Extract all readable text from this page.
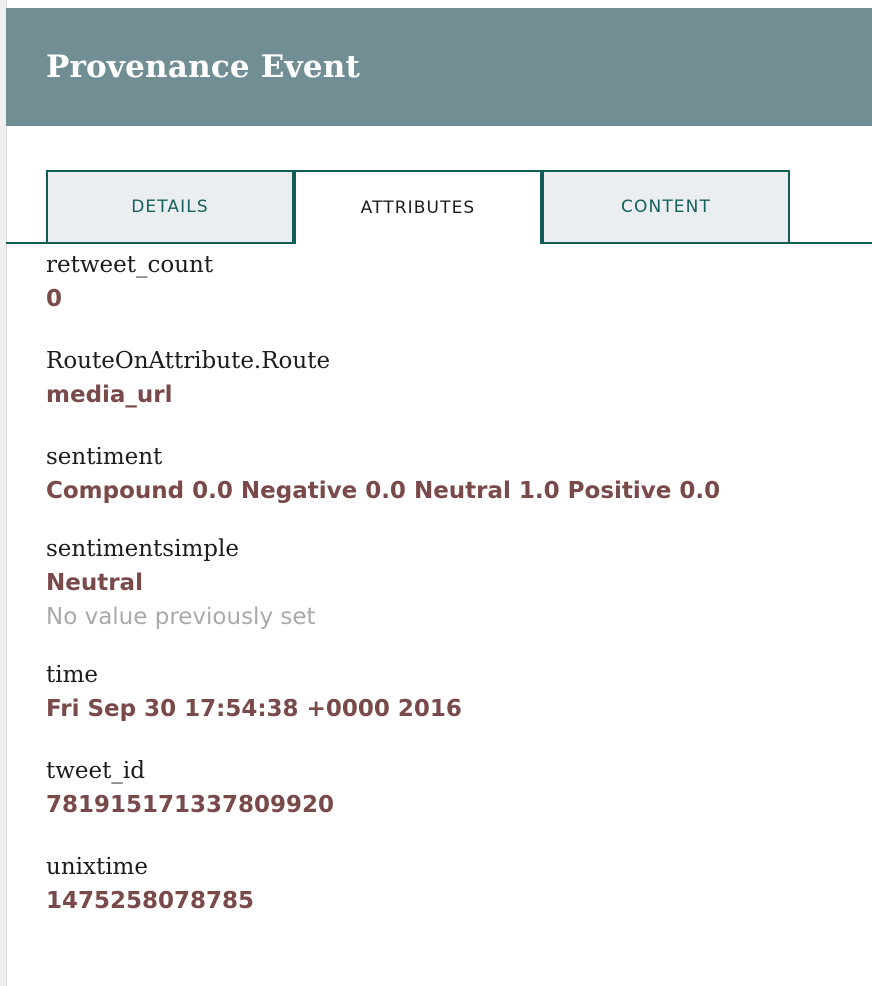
Provenance Event
DETAILS	ATTRIBUTES	CONTENT
retweet_count
0
RouteOnAttribute.Route
media_url
sentiment
Compound 0.0 Negative 0.0 Neutral 1.0 Positive 0.0
sentimentsimple
Neutral
No value previously set
time
Fri Sep 30 17:54:38 +0000 2016
tweet_id
781915171337809920
unixtime
1475258078785
